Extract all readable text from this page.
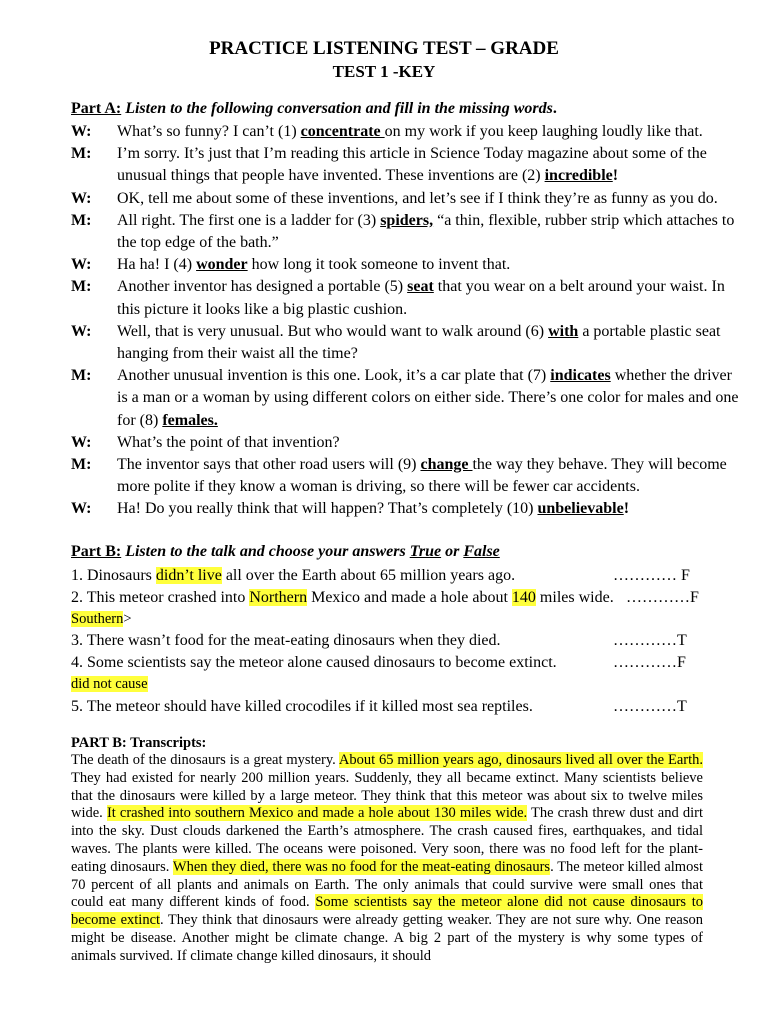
PRACTICE LISTENING TEST – GRADE
TEST 1 -KEY
Part A: Listen to the following conversation and fill in the missing words.
W:	What’s so funny? I can’t (1) concentrate on my work if you keep laughing loudly like that.
M:	I’m sorry. It’s just that I’m reading this article in Science Today magazine about some of the unusual things that people have invented. These inventions are (2) incredible!
W:	OK, tell me about some of these inventions, and let’s see if I think they’re as funny as you do.
M:	All right. The first one is a ladder for (3) spiders, “a thin, flexible, rubber strip which attaches to the top edge of the bath.”
W:	Ha ha! I (4) wonder how long it took someone to invent that.
M:	Another inventor has designed a portable (5) seat that you wear on a belt around your waist. In this picture it looks like a big plastic cushion.
W:	Well, that is very unusual. But who would want to walk around (6) with a portable plastic seat hanging from their waist all the time?
M:	Another unusual invention is this one. Look, it’s a car plate that (7) indicates whether the driver is a man or a woman by using different colors on either side. There’s one color for males and one for (8) females.
W:	What’s the point of that invention?
M:	The inventor says that other road users will (9) change the way they behave. They will become more polite if they know a woman is driving, so there will be fewer car accidents.
W:	Ha! Do you really think that will happen? That’s completely (10) unbelievable!
Part B: Listen to the talk and choose your answers True or False
1. Dinosaurs didn’t live all over the Earth about 65 million years ago.	………… F
2. This meteor crashed into Northern Mexico and made a hole about 140 miles wide. …………F
Southern>
3. There wasn’t food for the meat-eating dinosaurs when they died.	…………T
4. Some scientists say the meteor alone caused dinosaurs to become extinct.	…………F
did not cause
5. The meteor should have killed crocodiles if it killed most sea reptiles.	…………T
PART B: Transcripts:
The death of the dinosaurs is a great mystery. About 65 million years ago, dinosaurs lived all over the Earth. They had existed for nearly 200 million years. Suddenly, they all became extinct. Many scientists believe that the dinosaurs were killed by a large meteor. They think that this meteor was about six to twelve miles wide. It crashed into southern Mexico and made a hole about 130 miles wide. The crash threw dust and dirt into the sky. Dust clouds darkened the Earth’s atmosphere. The crash caused fires, earthquakes, and tidal waves. The plants were killed. The oceans were poisoned. Very soon, there was no food left for the plant-eating dinosaurs. When they died, there was no food for the meat-eating dinosaurs. The meteor killed almost 70 percent of all plants and animals on Earth. The only animals that could survive were small ones that could eat many different kinds of food. Some scientists say the meteor alone did not cause dinosaurs to become extinct. They think that dinosaurs were already getting weaker. They are not sure why. One reason might be disease. Another might be climate change. A big 2 part of the mystery is why some types of animals survived. If climate change killed dinosaurs, it should
